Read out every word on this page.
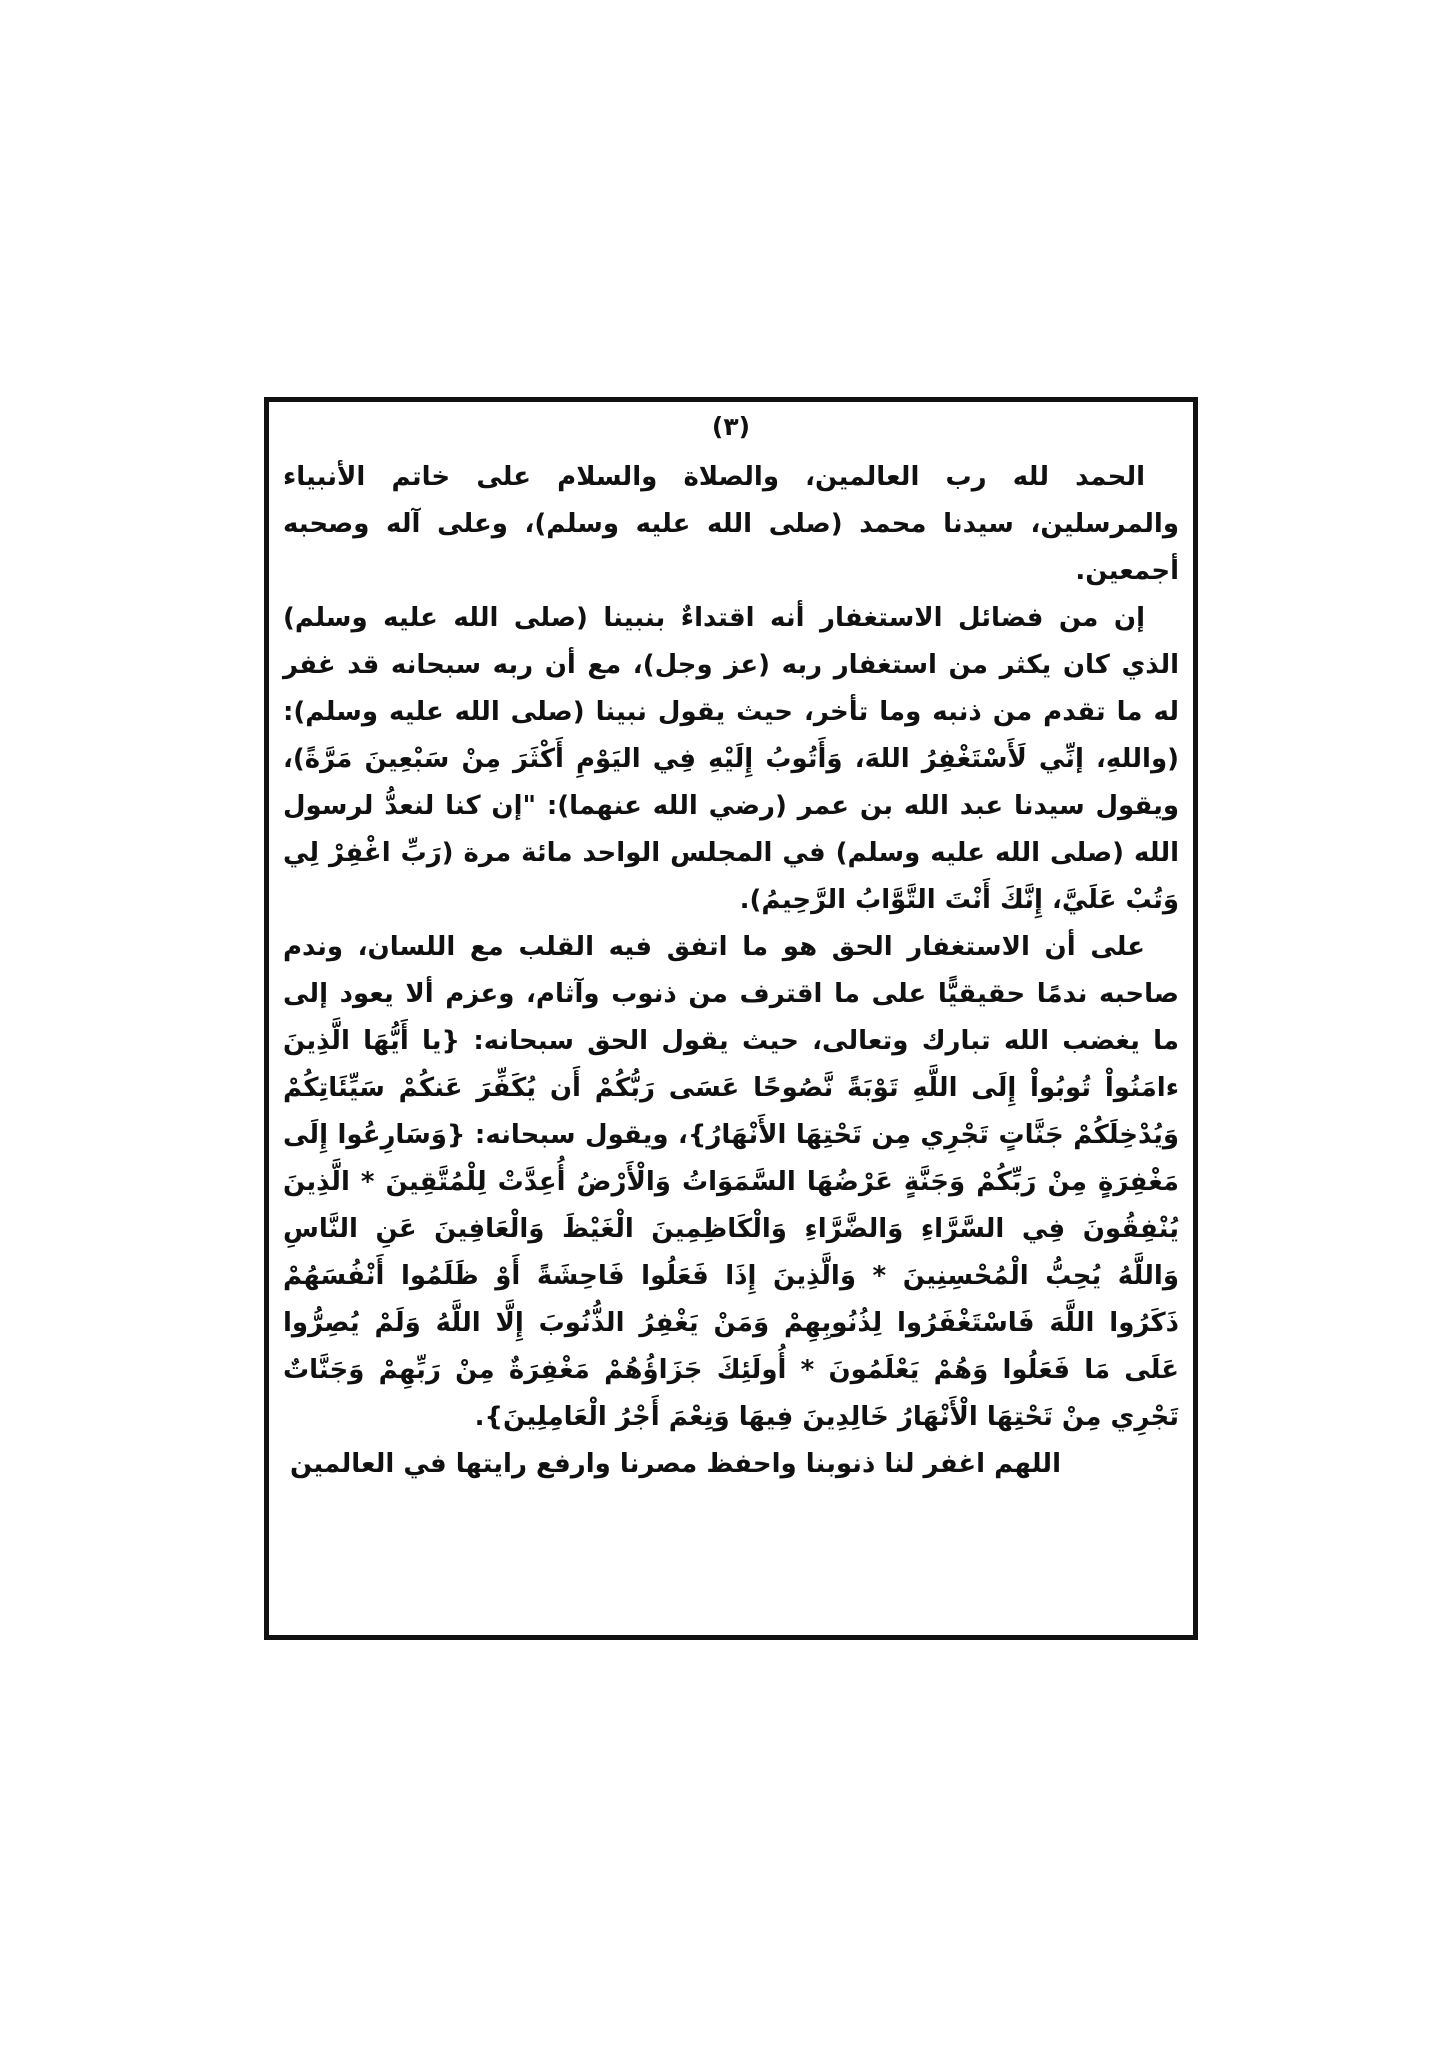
(٣)

الحمد لله رب العالمين، والصلاة والسلام على خاتم الأنبياء والمرسلين، سيدنا محمد (صلى الله عليه وسلم)، وعلى آله وصحبه أجمعين.

إن من فضائل الاستغفار أنه اقتداءٌ بنبينا (صلى الله عليه وسلم) الذي كان يكثر من استغفار ربه (عز وجل)، مع أن ربه سبحانه قد غفر له ما تقدم من ذنبه وما تأخر، حيث يقول نبينا (صلى الله عليه وسلم): (واللهِ، إنِّي لَأَسْتَغْفِرُ اللهَ، وَأَتُوبُ إِلَيْهِ فِي اليَوْمِ أَكْثَرَ مِنْ سَبْعِينَ مَرَّةً)، ويقول سيدنا عبد الله بن عمر (رضي الله عنهما): "إن كنا لنعدُّ لرسول الله (صلى الله عليه وسلم) في المجلس الواحد مائة مرة (رَبِّ اغْفِرْ لِي وَتُبْ عَلَيَّ، إِنَّكَ أَنْتَ التَّوَّابُ الرَّحِيمُ).

على أن الاستغفار الحق هو ما اتفق فيه القلب مع اللسان، وندم صاحبه ندمًا حقيقيًّا على ما اقترف من ذنوب وآثام، وعزم ألا يعود إلى ما يغضب الله تبارك وتعالى، حيث يقول الحق سبحانه: {يا أَيُّهَا الَّذِينَ ءامَنُواْ تُوبُواْ إِلَى اللَّهِ تَوْبَةً نَّصُوحًا عَسَى رَبُّكُمْ أَن يُكَفِّرَ عَنكُمْ سَيِّئَاتِكُمْ وَيُدْخِلَكُمْ جَنَّاتٍ تَجْرِي مِن تَحْتِهَا الأَنْهَارُ}، ويقول سبحانه: {وَسَارِعُوا إِلَى مَغْفِرَةٍ مِنْ رَبِّكُمْ وَجَنَّةٍ عَرْضُهَا السَّمَوَاتُ وَالْأَرْضُ أُعِدَّتْ لِلْمُتَّقِينَ * الَّذِينَ يُنْفِقُونَ فِي السَّرَّاءِ وَالضَّرَّاءِ وَالْكَاظِمِينَ الْغَيْظَ وَالْعَافِينَ عَنِ النَّاسِ وَاللَّهُ يُحِبُّ الْمُحْسِنِينَ * وَالَّذِينَ إِذَا فَعَلُوا فَاحِشَةً أَوْ ظَلَمُوا أَنْفُسَهُمْ ذَكَرُوا اللَّهَ فَاسْتَغْفَرُوا لِذُنُوبِهِمْ وَمَنْ يَغْفِرُ الذُّنُوبَ إِلَّا اللَّهُ وَلَمْ يُصِرُّوا عَلَى مَا فَعَلُوا وَهُمْ يَعْلَمُونَ * أُولَئِكَ جَزَاؤُهُمْ مَغْفِرَةٌ مِنْ رَبِّهِمْ وَجَنَّاتٌ تَجْرِي مِنْ تَحْتِهَا الْأَنْهَارُ خَالِدِينَ فِيهَا وَنِعْمَ أَجْرُ الْعَامِلِينَ}.

اللهم اغفر لنا ذنوبنا واحفظ مصرنا وارفع رايتها في العالمين
